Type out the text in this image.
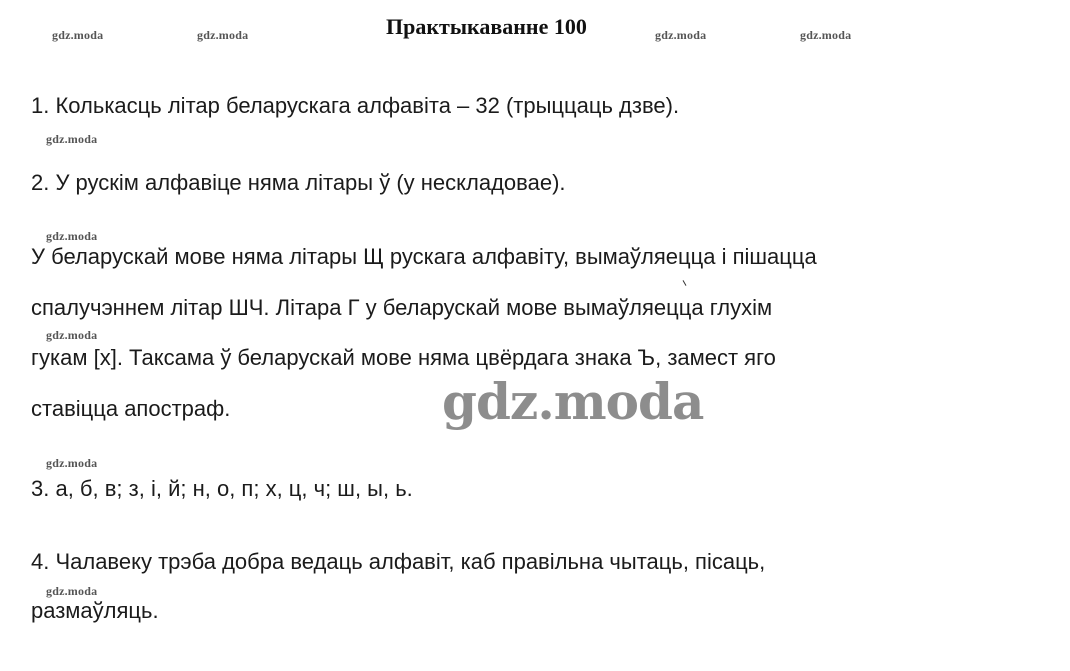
gdz.moda	gdz.moda	gdz.moda	gdz.moda
gdz.moda
gdz.moda
gdz.moda
gdz.moda
gdz.moda
Практыкаванне 100
1. Колькасць літар беларускага алфавіта – 32 (трыццаць дзве).
2. У рускім алфавіце няма літары ў (у нескладовае).
У беларускай мове няма літары Щ рускага алфавіту, вымаўляецца і пішацца
спалучэннем літар ШЧ. Літара Г у беларускай мове вымаўляецца глухім
гукам [х]. Таксама ў беларускай мове няма цвёрдага знака Ъ, замест яго
ставіцца апостраф.
3. а, б, в; з, і, й; н, о, п; х, ц, ч; ш, ы, ь.
4. Чалавеку трэба добра ведаць алфавіт, каб правільна чытаць, пісаць,
размаўляць.
gdz.moda
